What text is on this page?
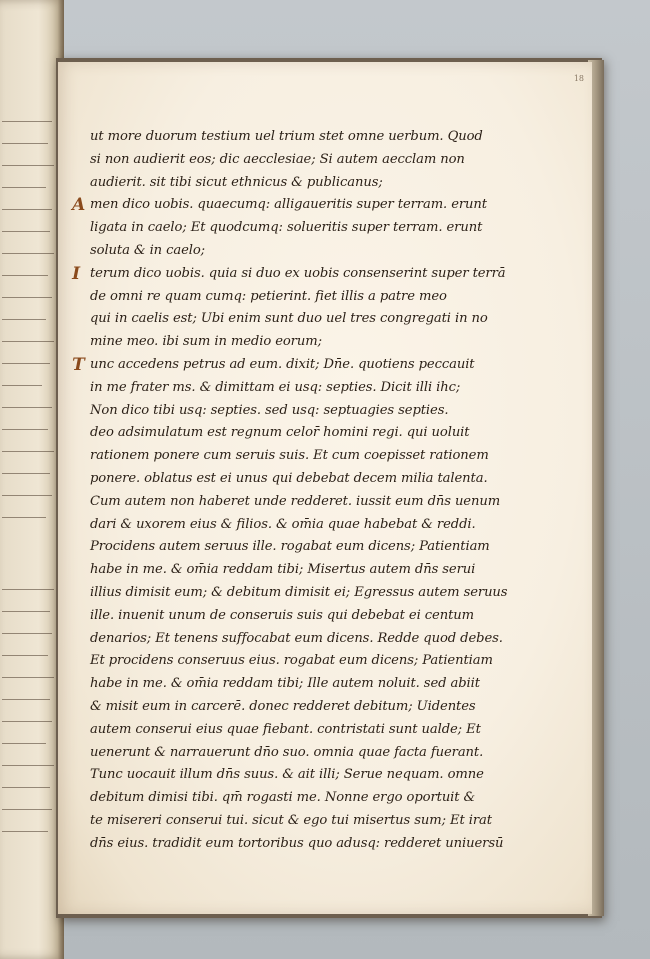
18
ut more duorum testium uel trium stet omne uerbum. Quod
si non audierit eos; dic aecclesiae; Si autem aecclam non
audierit. sit tibi sicut ethnicus & publicanus;
A men dico uobis. quaecumq: alligaueritis super terram. erunt
ligata in caelo; Et quodcumq: solueritis super terram. erunt
soluta & in caelo;
I terum dico uobis. quia si duo ex uobis consenserint super terrā
de omni re quam cumq: petierint. fiet illis a patre meo
qui in caelis est; Ubi enim sunt duo uel tres congregati in no
mine meo. ibi sum in medio eorum;
T unc accedens petrus ad eum. dixit; Dn̄e. quotiens peccauit
in me frater ms. & dimittam ei usq: septies. Dicit illi ihc;
Non dico tibi usq: septies. sed usq: septuagies septies.
deo adsimulatum est regnum celor̄ homini regi. qui uoluit
rationem ponere cum seruis suis. Et cum coepisset rationem
ponere. oblatus est ei unus qui debebat decem milia talenta.
Cum autem non haberet unde redderet. iussit eum dn̄s uenum
dari & uxorem eius & filios. & om̄ia quae habebat & reddi.
Procidens autem seruus ille. rogabat eum dicens; Patientiam
habe in me. & om̄ia reddam tibi; Misertus autem dn̄s serui
illius dimisit eum; & debitum dimisit ei; Egressus autem seruus
ille. inuenit unum de conseruis suis qui debebat ei centum
denarios; Et tenens suffocabat eum dicens. Redde quod debes.
Et procidens conseruus eius. rogabat eum dicens; Patientiam
habe in me. & om̄ia reddam tibi; Ille autem noluit. sed abiit
& misit eum in carcerē. donec redderet debitum; Uidentes
autem conserui eius quae fiebant. contristati sunt ualde; Et
uenerunt & narrauerunt dn̄o suo. omnia quae facta fuerant.
Tunc uocauit illum dn̄s suus. & ait illi; Serue nequam. omne
debitum dimisi tibi. qm̄ rogasti me. Nonne ergo oportuit &
te misereri conserui tui. sicut & ego tui misertus sum; Et irat
dn̄s eius. tradidit eum tortoribus quo adusq: redderet uniuersū
